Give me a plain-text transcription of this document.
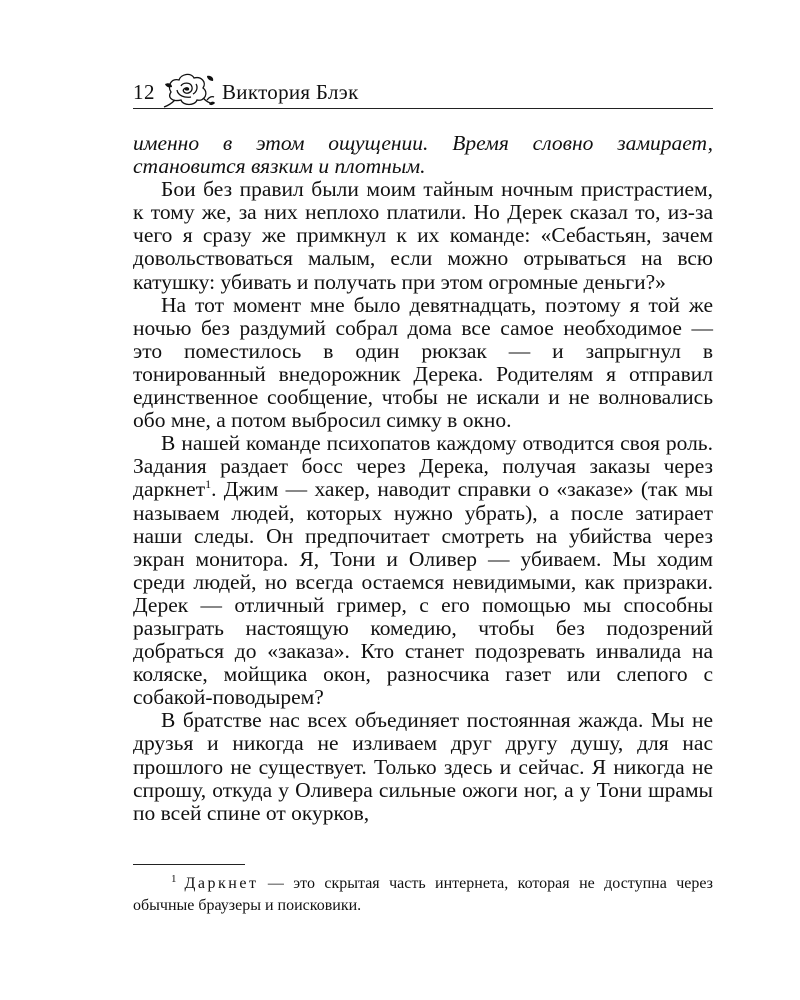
12	Виктория Блэк

именно в этом ощущении. Время словно замирает, становится вязким и плотным.

Бои без правил были моим тайным ночным пристрастием, к тому же, за них неплохо платили. Но Дерек сказал то, из-за чего я сразу же примкнул к их команде: «Себастьян, зачем довольствоваться малым, если можно отрываться на всю катушку: убивать и получать при этом огромные деньги?»

На тот момент мне было девятнадцать, поэтому я той же ночью без раздумий собрал дома все самое необходимое — это поместилось в один рюкзак — и запрыгнул в тонированный внедорожник Дерека. Родителям я отправил единственное сообщение, чтобы не искали и не волновались обо мне, а потом выбросил симку в окно.

В нашей команде психопатов каждому отводится своя роль. Задания раздает босс через Дерека, получая заказы через даркнет$^1$. Джим — хакер, наводит справки о «заказе» (так мы называем людей, которых нужно убрать), а после затирает наши следы. Он предпочитает смотреть на убийства через экран монитора. Я, Тони и Оливер — убиваем. Мы ходим среди людей, но всегда остаемся невидимыми, как призраки. Дерек — отличный гример, с его помощью мы способны разыграть настоящую комедию, чтобы без подозрений добраться до «заказа». Кто станет подозревать инвалида на коляске, мойщика окон, разносчика газет или слепого с собакой-поводырем?

В братстве нас всех объединяет постоянная жажда. Мы не друзья и никогда не изливаем друг другу душу, для нас прошлого не существует. Только здесь и сейчас. Я никогда не спрошу, откуда у Оливера сильные ожоги ног, а у Тони шрамы по всей спине от окурков,

$^1$ Даркнет — это скрытая часть интернета, которая не доступна через обычные браузеры и поисковики.
